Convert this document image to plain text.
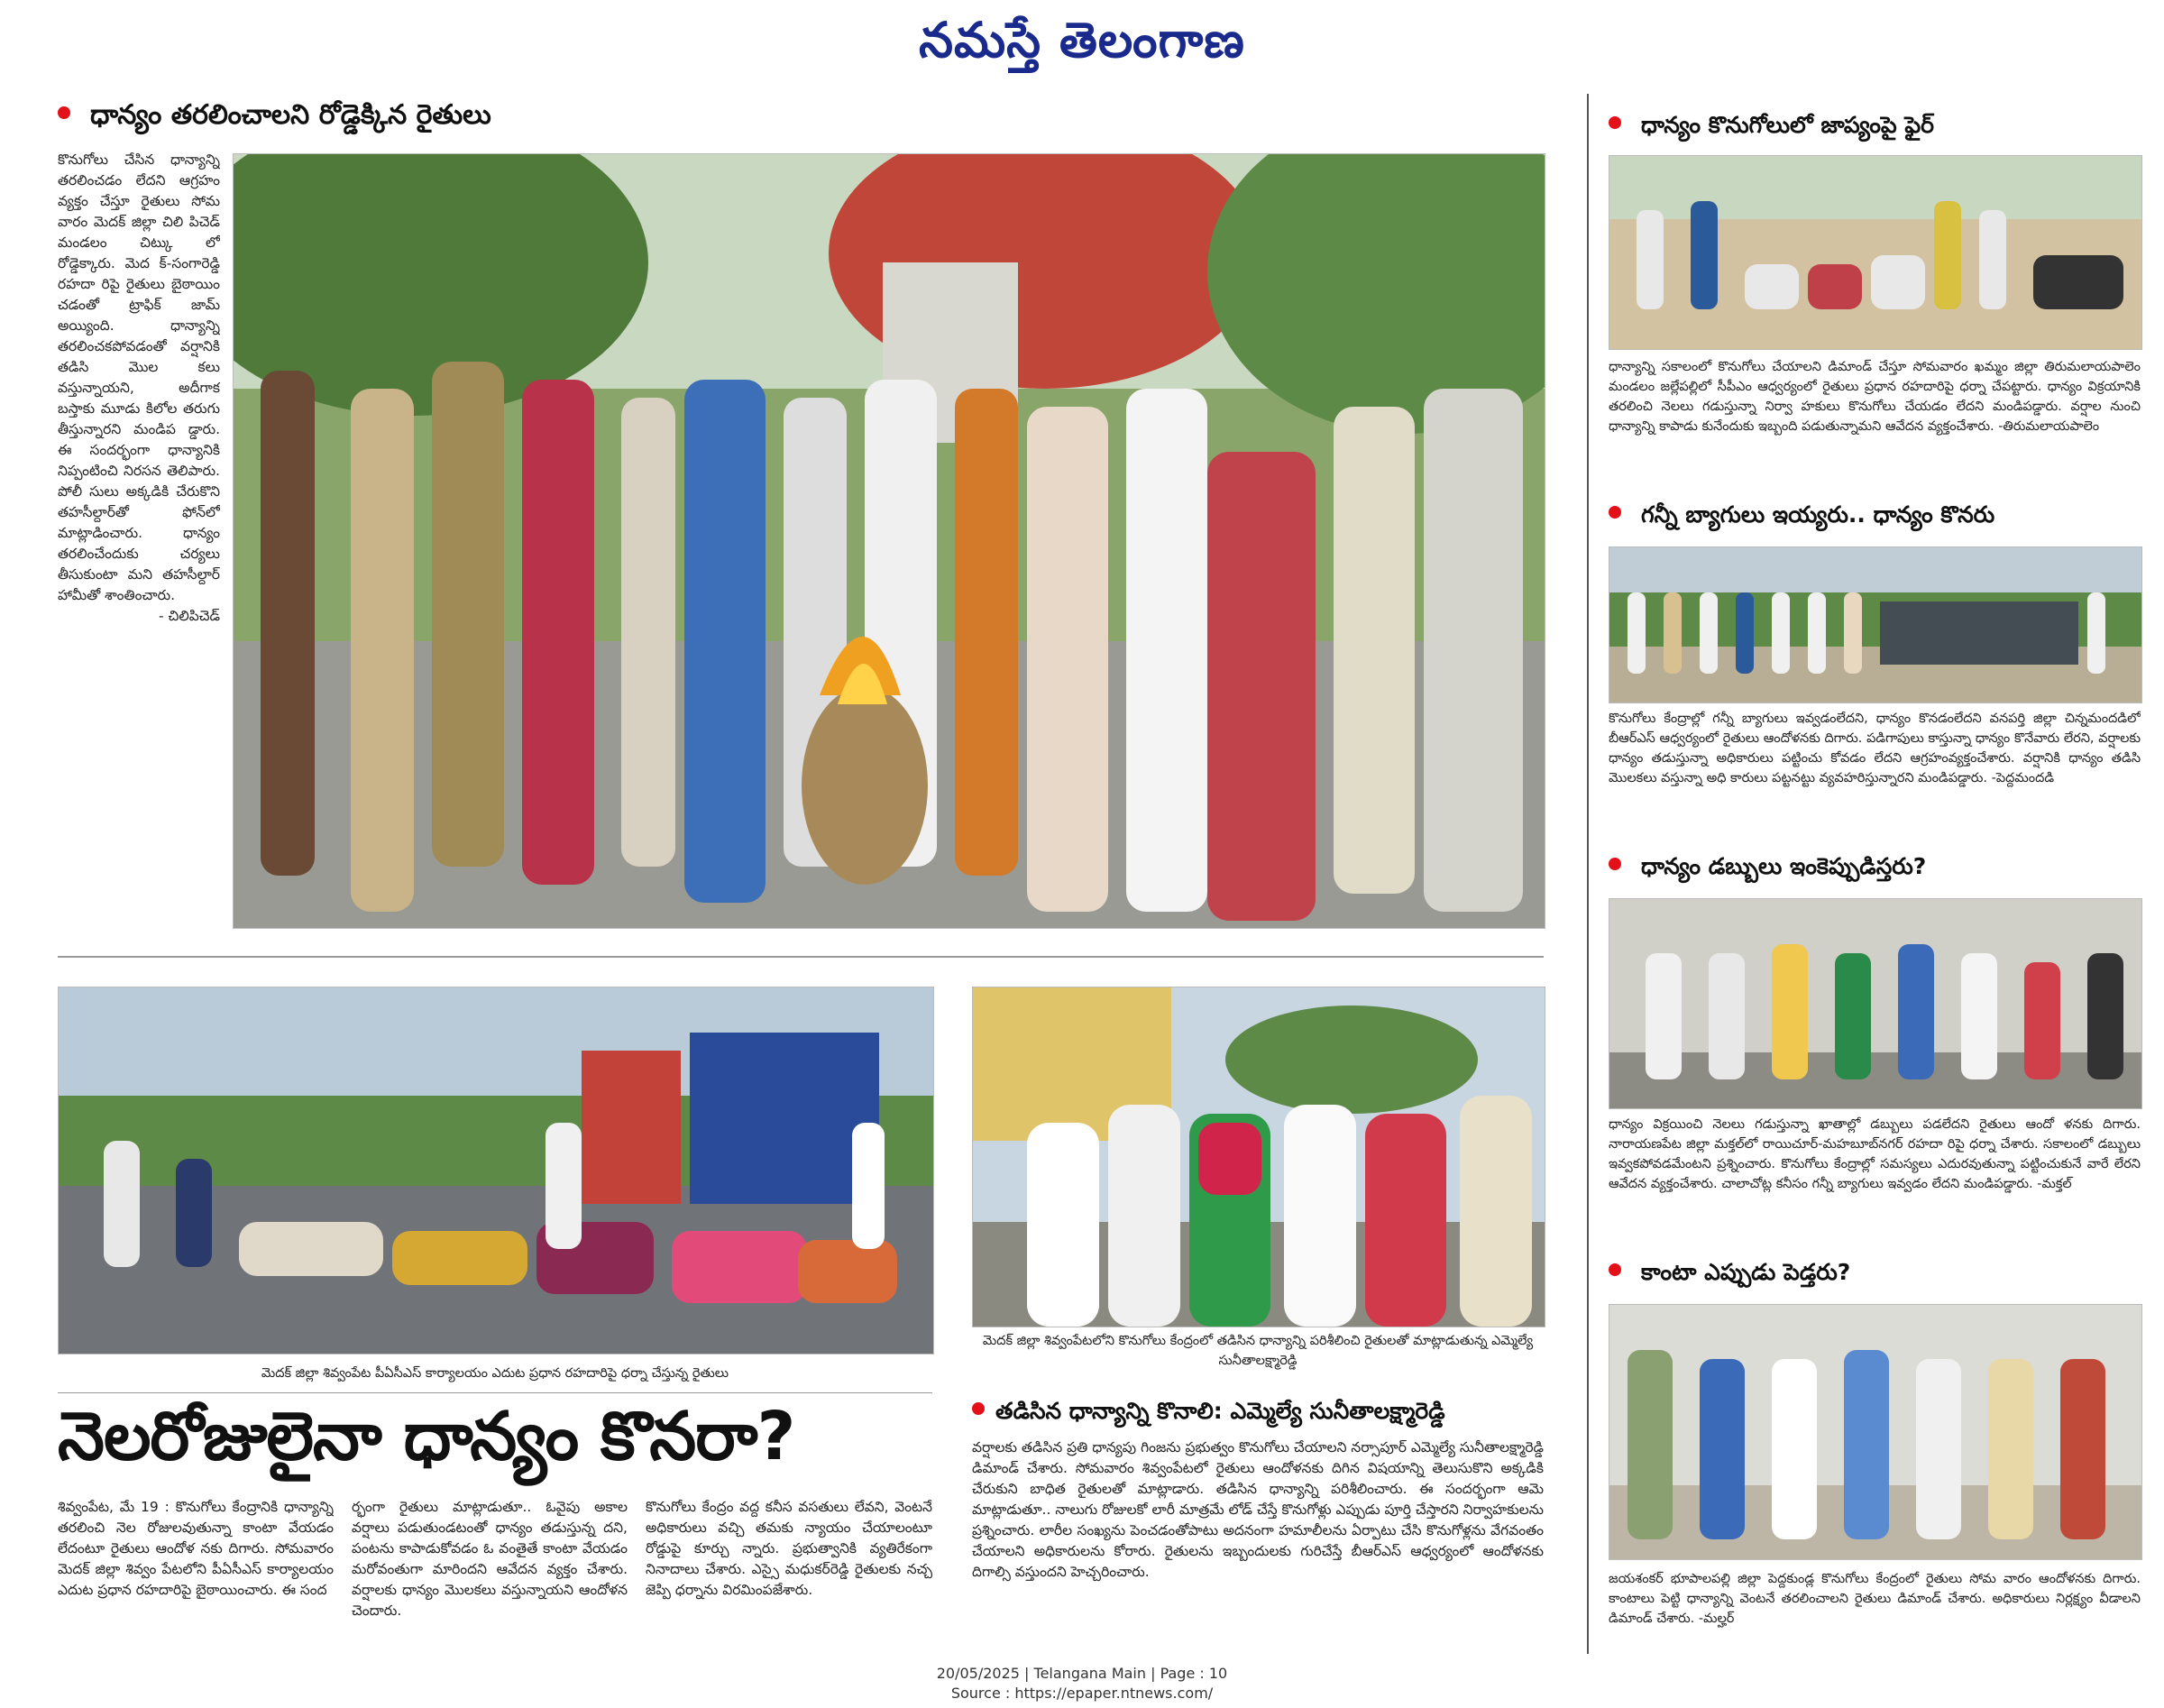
నమస్తే తెలంగాణ
ధాన్యం తరలించాలని రోడ్డెక్కిన రైతులు
కొనుగోలు చేసిన ధాన్యాన్ని తరలించడం లేదని ఆగ్రహం వ్యక్తం చేస్తూ రైతులు సోమ వారం మెదక్ జిల్లా చిలి పిచెడ్ మండలం చిట్కు లో రోడ్డెక్కారు. మెద క్-సంగారెడ్డి రహదా రిపై రైతులు బైఠాయిం చడంతో ట్రాఫిక్ జామ్ అయ్యింది. ధాన్యాన్ని తరలించకపోవడంతో వర్షానికి తడిసి మొల కలు వస్తున్నాయని, అదీగాక బస్తాకు మూడు కిలోల తరుగు తీస్తున్నారని మండిప డ్డారు. ఈ సందర్భంగా ధాన్యానికి నిప్పంటించి నిరసన తెలిపారు. పోలీ సులు అక్కడికి చేరుకొని తహసీల్దార్‌తో ఫోన్‌లో మాట్లాడించారు. ధాన్యం తరలించేందుకు చర్యలు తీసుకుంటా మని తహసీల్దార్ హామీతో శాంతించారు.

- చిలిపిచెడ్
మెదక్ జిల్లా శివ్వంపేట పీఏసీఎస్ కార్యాలయం ఎదుట ప్రధాన రహదారిపై ధర్నా చేస్తున్న రైతులు
నెలరోజులైనా ధాన్యం కొనరా?
శివ్వంపేట, మే 19 : కొనుగోలు కేంద్రానికి ధాన్యాన్ని తరలించి నెల రోజులవుతున్నా కాంటా వేయడం లేదంటూ రైతులు ఆందోళ నకు దిగారు. సోమవారం మెదక్ జిల్లా శివ్వం పేటలోని పీఏసీఎస్ కార్యాలయం ఎదుట ప్రధాన రహదారిపై బైఠాయించారు. ఈ సంద
ర్భంగా రైతులు మాట్లాడుతూ.. ఓవైపు అకాల వర్షాలు పడుతుండటంతో ధాన్యం తడుస్తున్న దని, పంటను కాపాడుకోవడం ఓ వంతైతే కాంటా వేయడం మరోవంతుగా మారిందని ఆవేదన వ్యక్తం చేశారు. వర్షాలకు ధాన్యం మొలకలు వస్తున్నాయని ఆందోళన చెందారు.
కొనుగోలు కేంద్రం వద్ద కనీస వసతులు లేవని, వెంటనే అధికారులు వచ్చి తమకు న్యాయం చేయాలంటూ రోడ్డుపై కూర్చు న్నారు. ప్రభుత్వానికి వ్యతిరేకంగా నినాదాలు చేశారు. ఎస్సై మధుకర్‌రెడ్డి రైతులకు నచ్చ జెప్పి ధర్నాను విరమింపజేశారు.
మెదక్ జిల్లా శివ్వంపేటలోని కొనుగోలు కేంద్రంలో తడిసిన ధాన్యాన్ని పరిశీలించి రైతులతో మాట్లాడుతున్న ఎమ్మెల్యే సునీతాలక్ష్మారెడ్డి
తడిసిన ధాన్యాన్ని కొనాలి: ఎమ్మెల్యే సునీతాలక్ష్మారెడ్డి
వర్షాలకు తడిసిన ప్రతి ధాన్యపు గింజను ప్రభుత్వం కొనుగోలు చేయాలని నర్సాపూర్ ఎమ్మెల్యే సునీతాలక్ష్మారెడ్డి డిమాండ్ చేశారు. సోమవారం శివ్వంపేటలో రైతులు ఆందోళనకు దిగిన విషయాన్ని తెలుసుకొని అక్కడికి చేరుకుని బాధిత రైతులతో మాట్లాడారు. తడిసిన ధాన్యాన్ని పరిశీలించారు. ఈ సందర్భంగా ఆమె మాట్లాడుతూ.. నాలుగు రోజులకో లారీ మాత్రమే లోడ్ చేస్తే కొనుగోళ్లు ఎప్పుడు పూర్తి చేస్తారని నిర్వాహకులను ప్రశ్నించారు. లారీల సంఖ్యను పెంచడంతోపాటు అదనంగా హమాలీలను ఏర్పాటు చేసి కొనుగోళ్లను వేగవంతం చేయాలని అధికారులను కోరారు. రైతులను ఇబ్బందులకు గురిచేస్తే బీఆర్‌ఎస్ ఆధ్వర్యంలో ఆందోళనకు దిగాల్సి వస్తుందని హెచ్చరించారు.
ధాన్యం కొనుగోలులో జాప్యంపై ఫైర్
ధాన్యాన్ని సకాలంలో కొనుగోలు చేయాలని డిమాండ్ చేస్తూ సోమవారం ఖమ్మం జిల్లా తిరుమలాయపాలెం మండలం జల్లేపల్లిలో సీపీఎం ఆధ్వర్యంలో రైతులు ప్రధాన రహదారిపై ధర్నా చేపట్టారు. ధాన్యం విక్రయానికి తరలించి నెలలు గడుస్తున్నా నిర్వా హకులు కొనుగోలు చేయడం లేదని మండిపడ్డారు. వర్షాల నుంచి ధాన్యాన్ని కాపాడు కునేందుకు ఇబ్బంది పడుతున్నామని ఆవేదన వ్యక్తంచేశారు. -తిరుమలాయపాలెం
గన్నీ బ్యాగులు ఇయ్యరు.. ధాన్యం కొనరు
కొనుగోలు కేంద్రాల్లో గన్నీ బ్యాగులు ఇవ్వడంలేదని, ధాన్యం కొనడంలేదని వనపర్తి జిల్లా చిన్నమందడిలో బీఆర్‌ఎస్ ఆధ్వర్యంలో రైతులు ఆందోళనకు దిగారు. పడిగాపులు కాస్తున్నా ధాన్యం కొనేవారు లేరని, వర్షాలకు ధాన్యం తడుస్తున్నా అధికారులు పట్టించు కోవడం లేదని ఆగ్రహంవ్యక్తంచేశారు. వర్షానికి ధాన్యం తడిసి మొలకలు వస్తున్నా అధి కారులు పట్టనట్టు వ్యవహరిస్తున్నారని మండిపడ్డారు. -పెద్దమందడి
ధాన్యం డబ్బులు ఇంకెప్పుడిస్తరు?
ధాన్యం విక్రయించి నెలలు గడుస్తున్నా ఖాతాల్లో డబ్బులు పడలేదని రైతులు ఆందో ళనకు దిగారు. నారాయణపేట జిల్లా మక్తల్‌లో రాయిచూర్-మహబూబ్‌నగర్ రహదా రిపై ధర్నా చేశారు. సకాలంలో డబ్బులు ఇవ్వకపోవడమేంటని ప్రశ్నించారు. కొనుగోలు కేంద్రాల్లో సమస్యలు ఎదురవుతున్నా పట్టించుకునే వారే లేరని ఆవేదన వ్యక్తంచేశారు. చాలాచోట్ల కనీసం గన్నీ బ్యాగులు ఇవ్వడం లేదని మండిపడ్డారు. -మక్తల్
కాంటా ఎప్పుడు పెడ్తరు?
జయశంకర్ భూపాలపల్లి జిల్లా పెద్దకుండ్ల కొనుగోలు కేంద్రంలో రైతులు సోమ వారం ఆందోళనకు దిగారు. కాంటాలు పెట్టి ధాన్యాన్ని వెంటనే తరలించాలని రైతులు డిమాండ్ చేశారు. అధికారులు నిర్లక్ష్యం వీడాలని డిమాండ్ చేశారు. -మల్హర్
20/05/2025 | Telangana Main | Page : 10
Source : https://epaper.ntnews.com/
